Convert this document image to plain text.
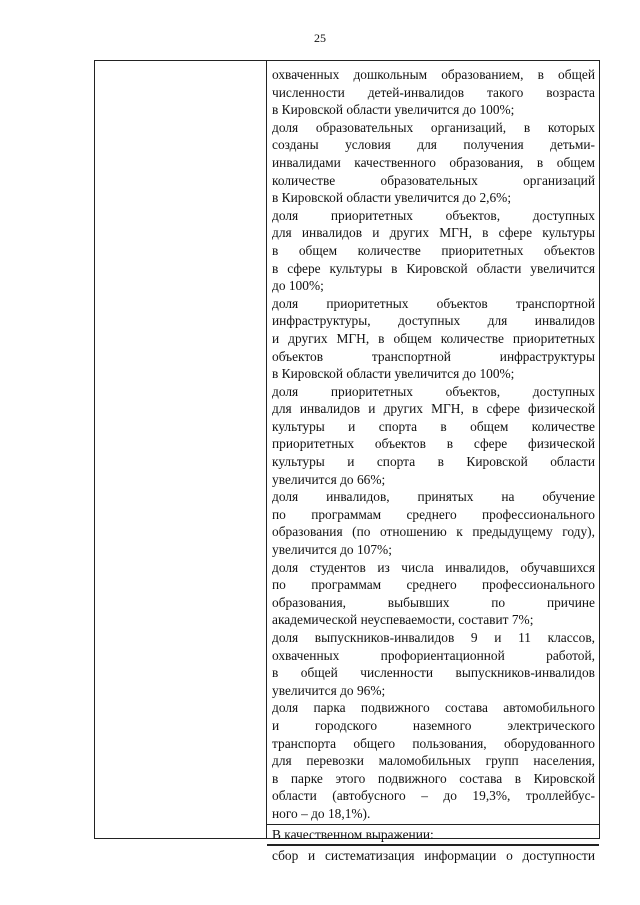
25
охваченных дошкольным образованием, в общей
численности детей-инвалидов такого возраста
в Кировской области увеличится до 100%;
доля образовательных организаций, в которых
созданы условия для получения детьми-
инвалидами качественного образования, в общем
количестве образовательных организаций
в Кировской области увеличится до 2,6%;
доля приоритетных объектов, доступных
для инвалидов и других МГН, в сфере культуры
в общем количестве приоритетных объектов
в сфере культуры в Кировской области увеличится
до 100%;
доля приоритетных объектов транспортной
инфраструктуры, доступных для инвалидов
и других МГН, в общем количестве приоритетных
объектов транспортной инфраструктуры
в Кировской области увеличится до 100%;
доля приоритетных объектов, доступных
для инвалидов и других МГН, в сфере физической
культуры и спорта в общем количестве
приоритетных объектов в сфере физической
культуры и спорта в Кировской области
увеличится до 66%;
доля инвалидов, принятых на обучение
по программам среднего профессионального
образования (по отношению к предыдущему году),
увеличится до 107%;
доля студентов из числа инвалидов, обучавшихся
по программам среднего профессионального
образования, выбывших по причине
академической неуспеваемости, составит 7%;
доля выпускников-инвалидов 9 и 11 классов,
охваченных профориентационной работой,
в общей численности выпускников-инвалидов
увеличится до 96%;
доля парка подвижного состава автомобильного
и городского наземного электрического
транспорта общего пользования, оборудованного
для перевозки маломобильных групп населения,
в парке этого подвижного состава в Кировской
области (автобусного – до 19,3%, троллейбус-
ного – до 18,1%).
В качественном выражении:
сбор и систематизация информации о доступности
